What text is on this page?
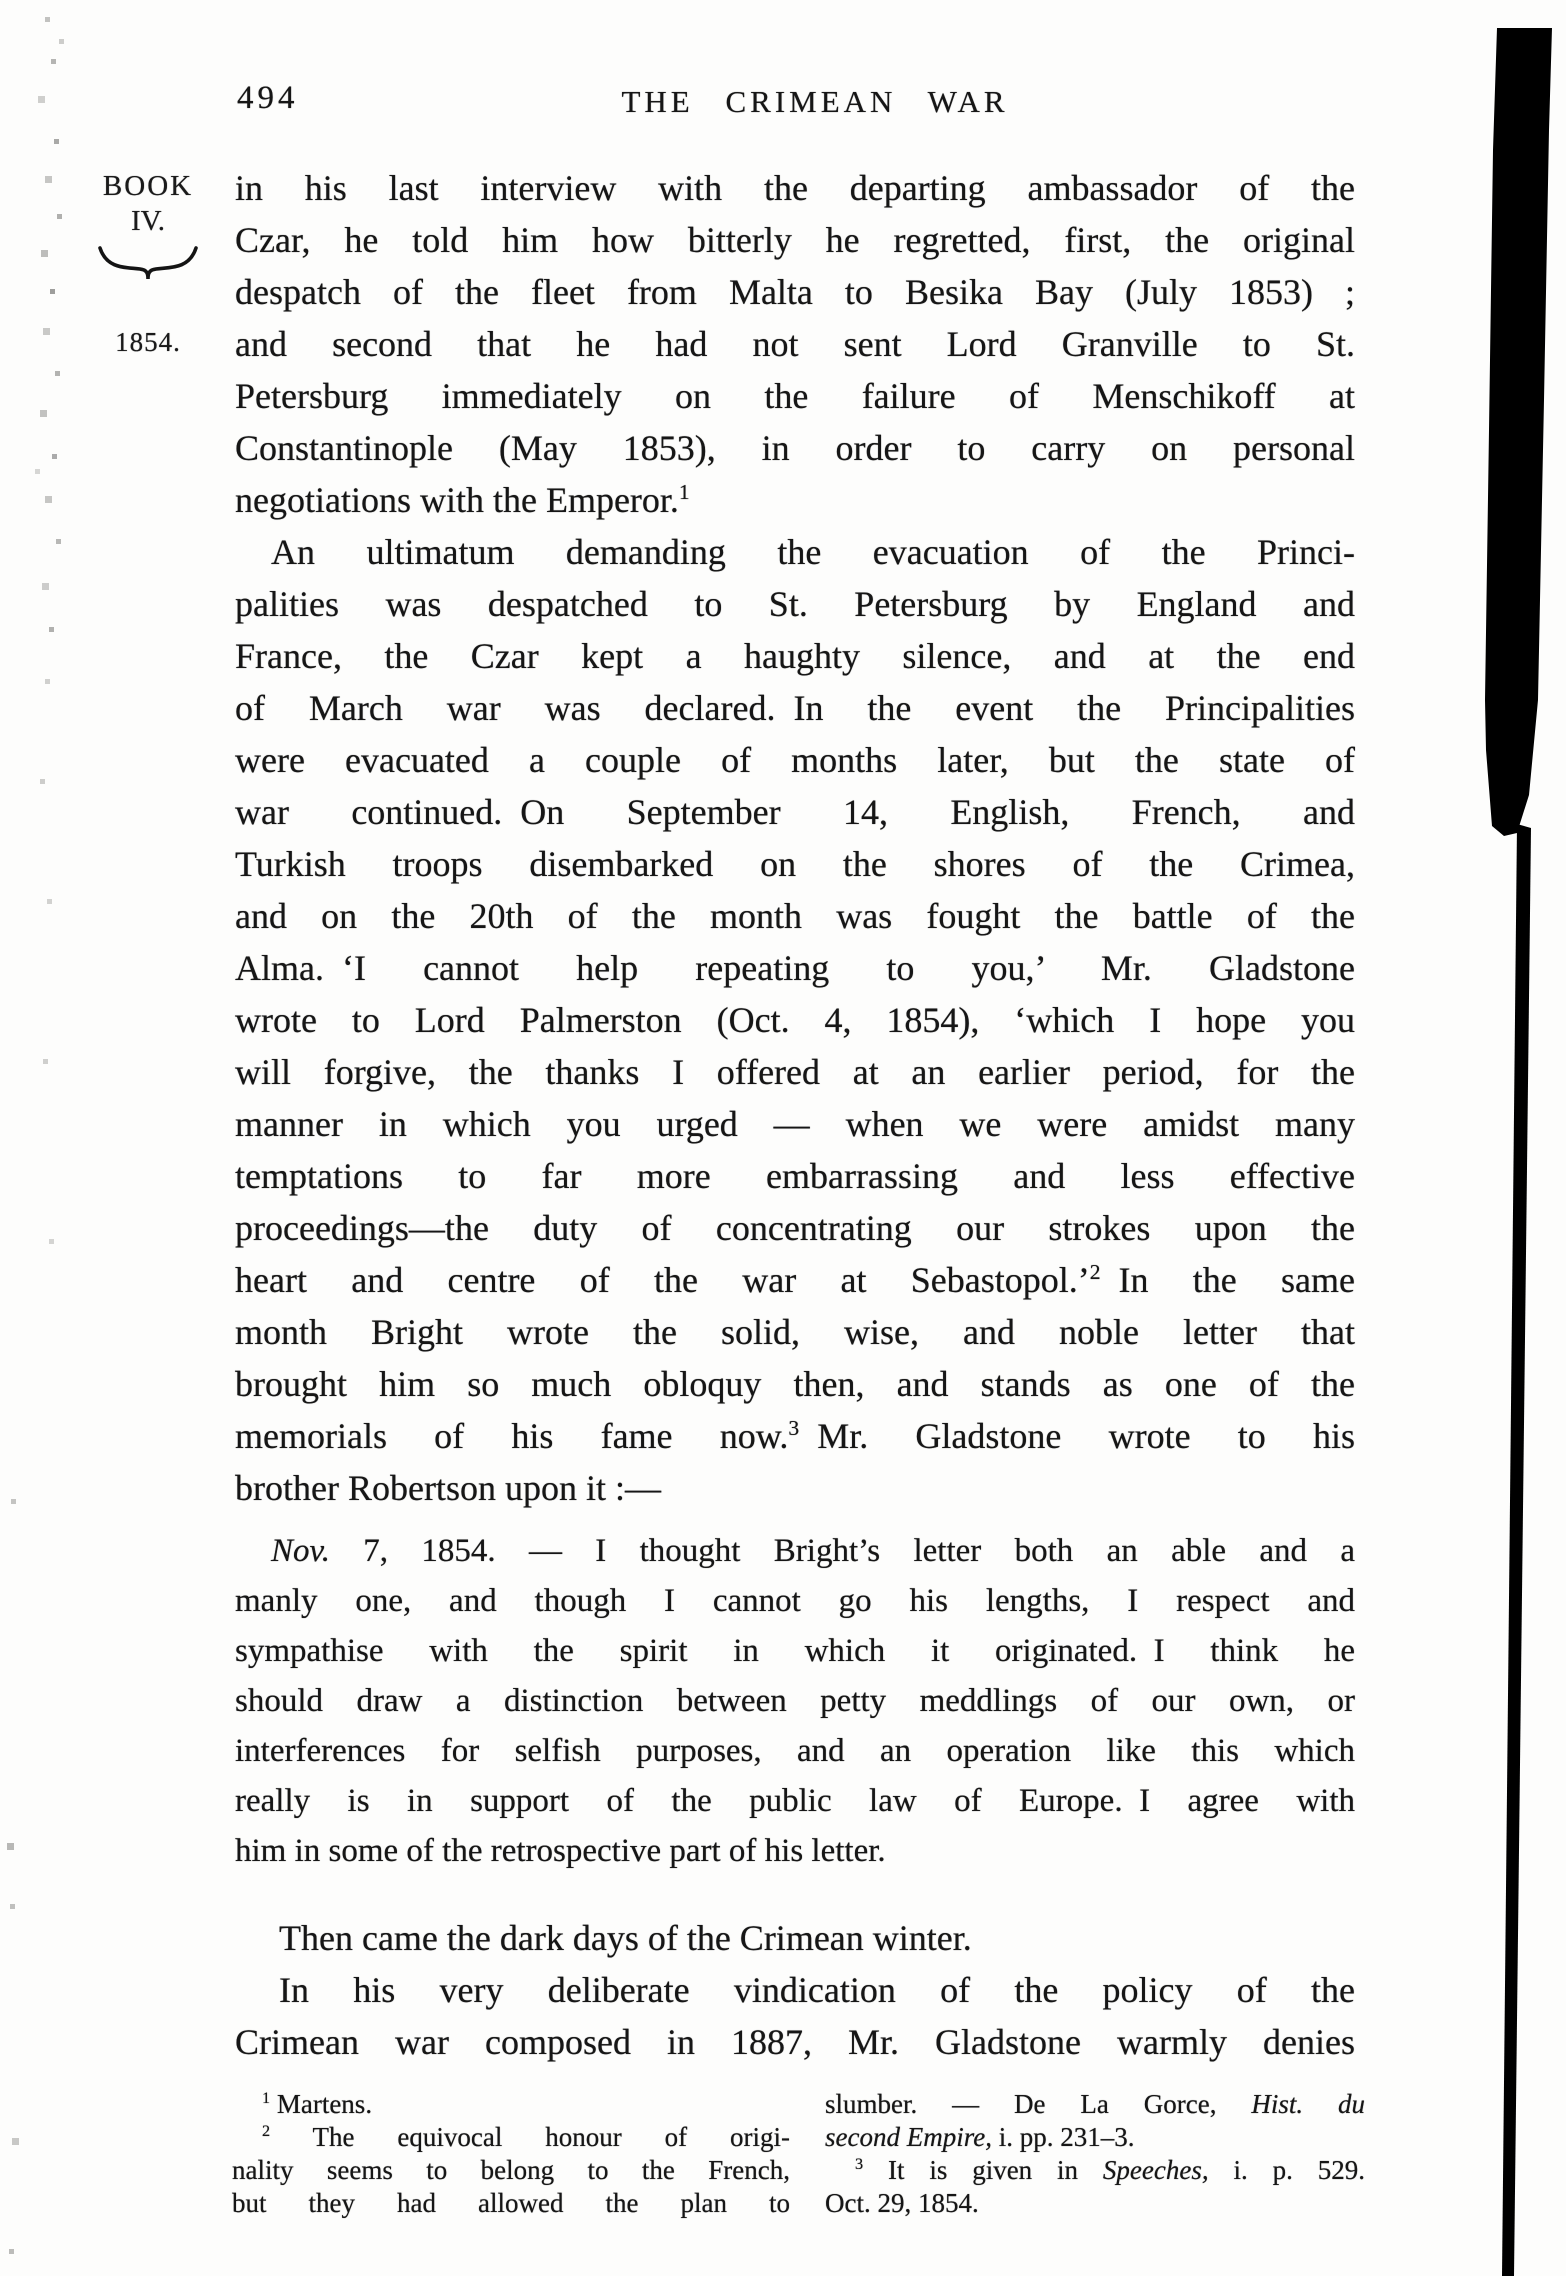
494	THE CRIMEAN WAR
BOOK
IV.
1854.
in his last interview with the departing ambassador of the
Czar, he told him how bitterly he regretted, first, the original
despatch of the fleet from Malta to Besika Bay (July 1853) ;
and second that he had not sent Lord Granville to St.
Petersburg immediately on the failure of Menschikoff at
Constantinople (May 1853), in order to carry on personal
negotiations with the Emperor.$^1$
An ultimatum demanding the evacuation of the Princi-
palities was despatched to St. Petersburg by England and
France, the Czar kept a haughty silence, and at the end
of March war was declared. In the event the Principalities
were evacuated a couple of months later, but the state of
war continued. On September 14, English, French, and
Turkish troops disembarked on the shores of the Crimea,
and on the 20th of the month was fought the battle of the
Alma. ‘I cannot help repeating to you,’ Mr. Gladstone
wrote to Lord Palmerston (Oct. 4, 1854), ‘which I hope you
will forgive, the thanks I offered at an earlier period, for the
manner in which you urged — when we were amidst many
temptations to far more embarrassing and less effective
proceedings—the duty of concentrating our strokes upon the
heart and centre of the war at Sebastopol.’$^2$ In the same
month Bright wrote the solid, wise, and noble letter that
brought him so much obloquy then, and stands as one of the
memorials of his fame now.$^3$ Mr. Gladstone wrote to his
brother Robertson upon it :—
Nov. 7, 1854. — I thought Bright’s letter both an able and a
manly one, and though I cannot go his lengths, I respect and
sympathise with the spirit in which it originated. I think he
should draw a distinction between petty meddlings of our own, or
interferences for selfish purposes, and an operation like this which
really is in support of the public law of Europe. I agree with
him in some of the retrospective part of his letter.
Then came the dark days of the Crimean winter.
In his very deliberate vindication of the policy of the
Crimean war composed in 1887, Mr. Gladstone warmly denies
$^1$ Martens.
$^2$ The equivocal honour of origi-
nality seems to belong to the French,
but they had allowed the plan to
slumber. — De La Gorce, Hist. du
second Empire, i. pp. 231–3.
$^3$ It is given in Speeches, i. p. 529.
Oct. 29, 1854.
